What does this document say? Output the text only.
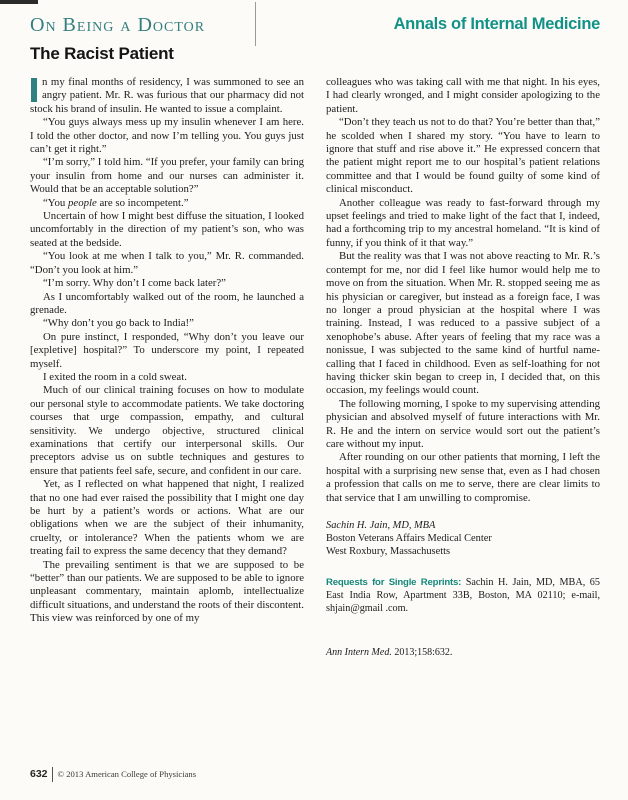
On Being a Doctor	Annals of Internal Medicine
The Racist Patient

n my final months of residency, I was summoned to see an angry patient. Mr. R. was furious that our pharmacy did not stock his brand of insulin. He wanted to issue a complaint.

“You guys always mess up my insulin whenever I am here. I told the other doctor, and now I’m telling you. You guys just can’t get it right.”

“I’m sorry,” I told him. “If you prefer, your family can bring your insulin from home and our nurses can administer it. Would that be an acceptable solution?”

“You people are so incompetent.”

Uncertain of how I might best diffuse the situation, I looked uncomfortably in the direction of my patient’s son, who was seated at the bedside.

“You look at me when I talk to you,” Mr. R. commanded. “Don’t you look at him.”

“I’m sorry. Why don’t I come back later?”

As I uncomfortably walked out of the room, he launched a grenade.

“Why don’t you go back to India!”

On pure instinct, I responded, “Why don’t you leave our [expletive] hospital?” To underscore my point, I repeated myself.

I exited the room in a cold sweat.

Much of our clinical training focuses on how to modulate our personal style to accommodate patients. We take doctoring courses that urge compassion, empathy, and cultural sensitivity. We undergo objective, structured clinical examinations that certify our interpersonal skills. Our preceptors advise us on subtle techniques and gestures to ensure that patients feel safe, secure, and confident in our care.

Yet, as I reflected on what happened that night, I realized that no one had ever raised the possibility that I might one day be hurt by a patient’s words or actions. What are our obligations when we are the subject of their inhumanity, cruelty, or intolerance? When the patients whom we are treating fail to express the same decency that they demand?

The prevailing sentiment is that we are supposed to be “better” than our patients. We are supposed to be able to ignore unpleasant commentary, maintain aplomb, intellectualize difficult situations, and understand the roots of their discontent. This view was reinforced by one of my

colleagues who was taking call with me that night. In his eyes, I had clearly wronged, and I might consider apologizing to the patient.

“Don’t they teach us not to do that? You’re better than that,” he scolded when I shared my story. “You have to learn to ignore that stuff and rise above it.” He expressed concern that the patient might report me to our hospital’s patient relations committee and that I would be found guilty of some kind of clinical misconduct.

Another colleague was ready to fast-forward through my upset feelings and tried to make light of the fact that I, indeed, had a forthcoming trip to my ancestral homeland. “It is kind of funny, if you think of it that way.”

But the reality was that I was not above reacting to Mr. R.’s contempt for me, nor did I feel like humor would help me to move on from the situation. When Mr. R. stopped seeing me as his physician or caregiver, but instead as a foreign face, I was no longer a proud physician at the hospital where I was training. Instead, I was reduced to a passive subject of a xenophobe’s abuse. After years of feeling that my race was a nonissue, I was subjected to the same kind of hurtful name-calling that I faced in childhood. Even as self-loathing for not having thicker skin began to creep in, I decided that, on this occasion, my feelings would count.

The following morning, I spoke to my supervising attending physician and absolved myself of future interactions with Mr. R. He and the intern on service would sort out the patient’s care without my input.

After rounding on our other patients that morning, I left the hospital with a surprising new sense that, even as I had chosen a profession that calls on me to serve, there are clear limits to that service that I am unwilling to compromise.

Sachin H. Jain, MD, MBA
Boston Veterans Affairs Medical Center
West Roxbury, Massachusetts
Requests for Single Reprints: Sachin H. Jain, MD, MBA, 65 East India Row, Apartment 33B, Boston, MA 02110; e-mail, shjain@gmail .com.
Ann Intern Med. 2013;158:632.
632 © 2013 American College of Physicians
